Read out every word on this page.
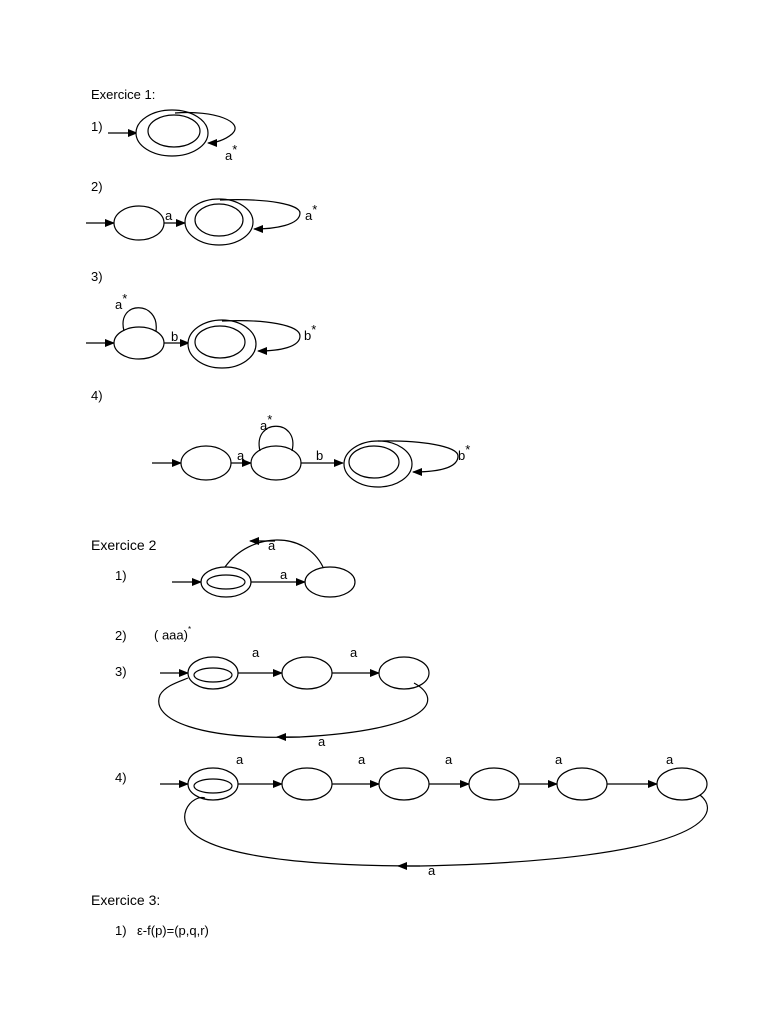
Exercice 1:
1)
2)
3)
4)
Exercice 2
1)
2) ( aaa)*
3)
4)
Exercice 3:
1) ε-f(p)=(p,q,r)
a*
a	a*
a*
b	b*
a
a*
b	b*
a
a
a	a
a
a	a	a	a	a
a
